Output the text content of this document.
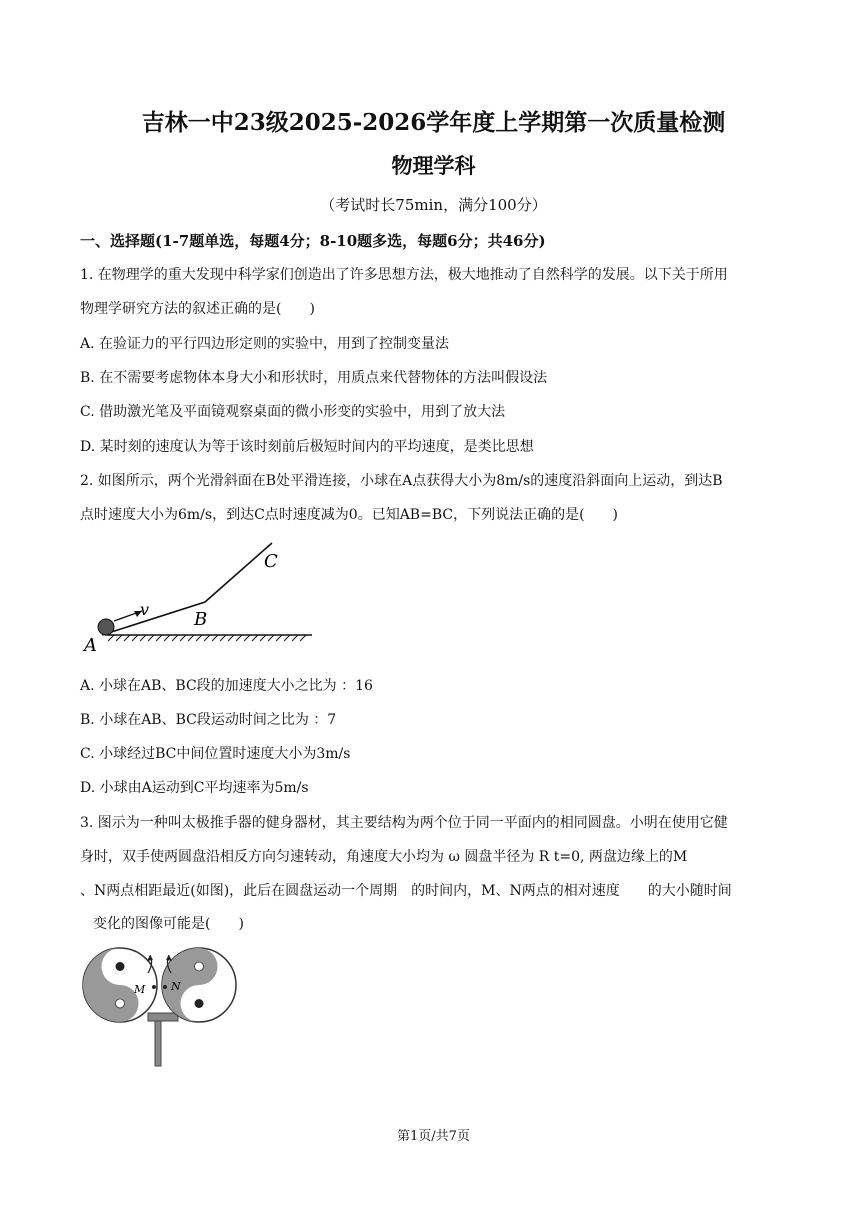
吉林一中23级2025-2026学年度上学期第一次质量检测
物理学科
（考试时长75min，满分100分）
一、选择题(1-7题单选，每题4分；8-10题多选，每题6分；共46分)
1. 在物理学的重大发现中科学家们创造出了许多思想方法，极大地推动了自然科学的发展。以下关于所用
物理学研究方法的叙述正确的是(　　)
A. 在验证力的平行四边形定则的实验中，用到了控制变量法
B. 在不需要考虑物体本身大小和形状时，用质点来代替物体的方法叫假设法
C. 借助激光笔及平面镜观察桌面的微小形变的实验中，用到了放大法
D. 某时刻的速度认为等于该时刻前后极短时间内的平均速度，是类比思想
2. 如图所示，两个光滑斜面在B处平滑连接，小球在A点获得大小为8m/s的速度沿斜面向上运动，到达B
点时速度大小为6m/s，到达C点时速度减为0。已知AB=BC，下列说法正确的是(　　)
v B
C
A
A. 小球在AB、BC段的加速度大小之比为 ：16
B. 小球在AB、BC段运动时间之比为 ：7
C. 小球经过BC中间位置时速度大小为3m/s
D. 小球由A运动到C平均速率为5m/s
3. 图示为一种叫太极推手器的健身器材，其主要结构为两个位于同一平面内的相同圆盘。小明在使用它健
身时，双手使两圆盘沿相反方向匀速转动，角速度大小均为 ω 圆盘半径为 R t=0, 两盘边缘上的M
、N两点相距最近(如图)，此后在圆盘运动一个周期　的时间内，M、N两点的相对速度　　的大小随时间
变化的图像可能是(　　)
M N
第1页/共7页
